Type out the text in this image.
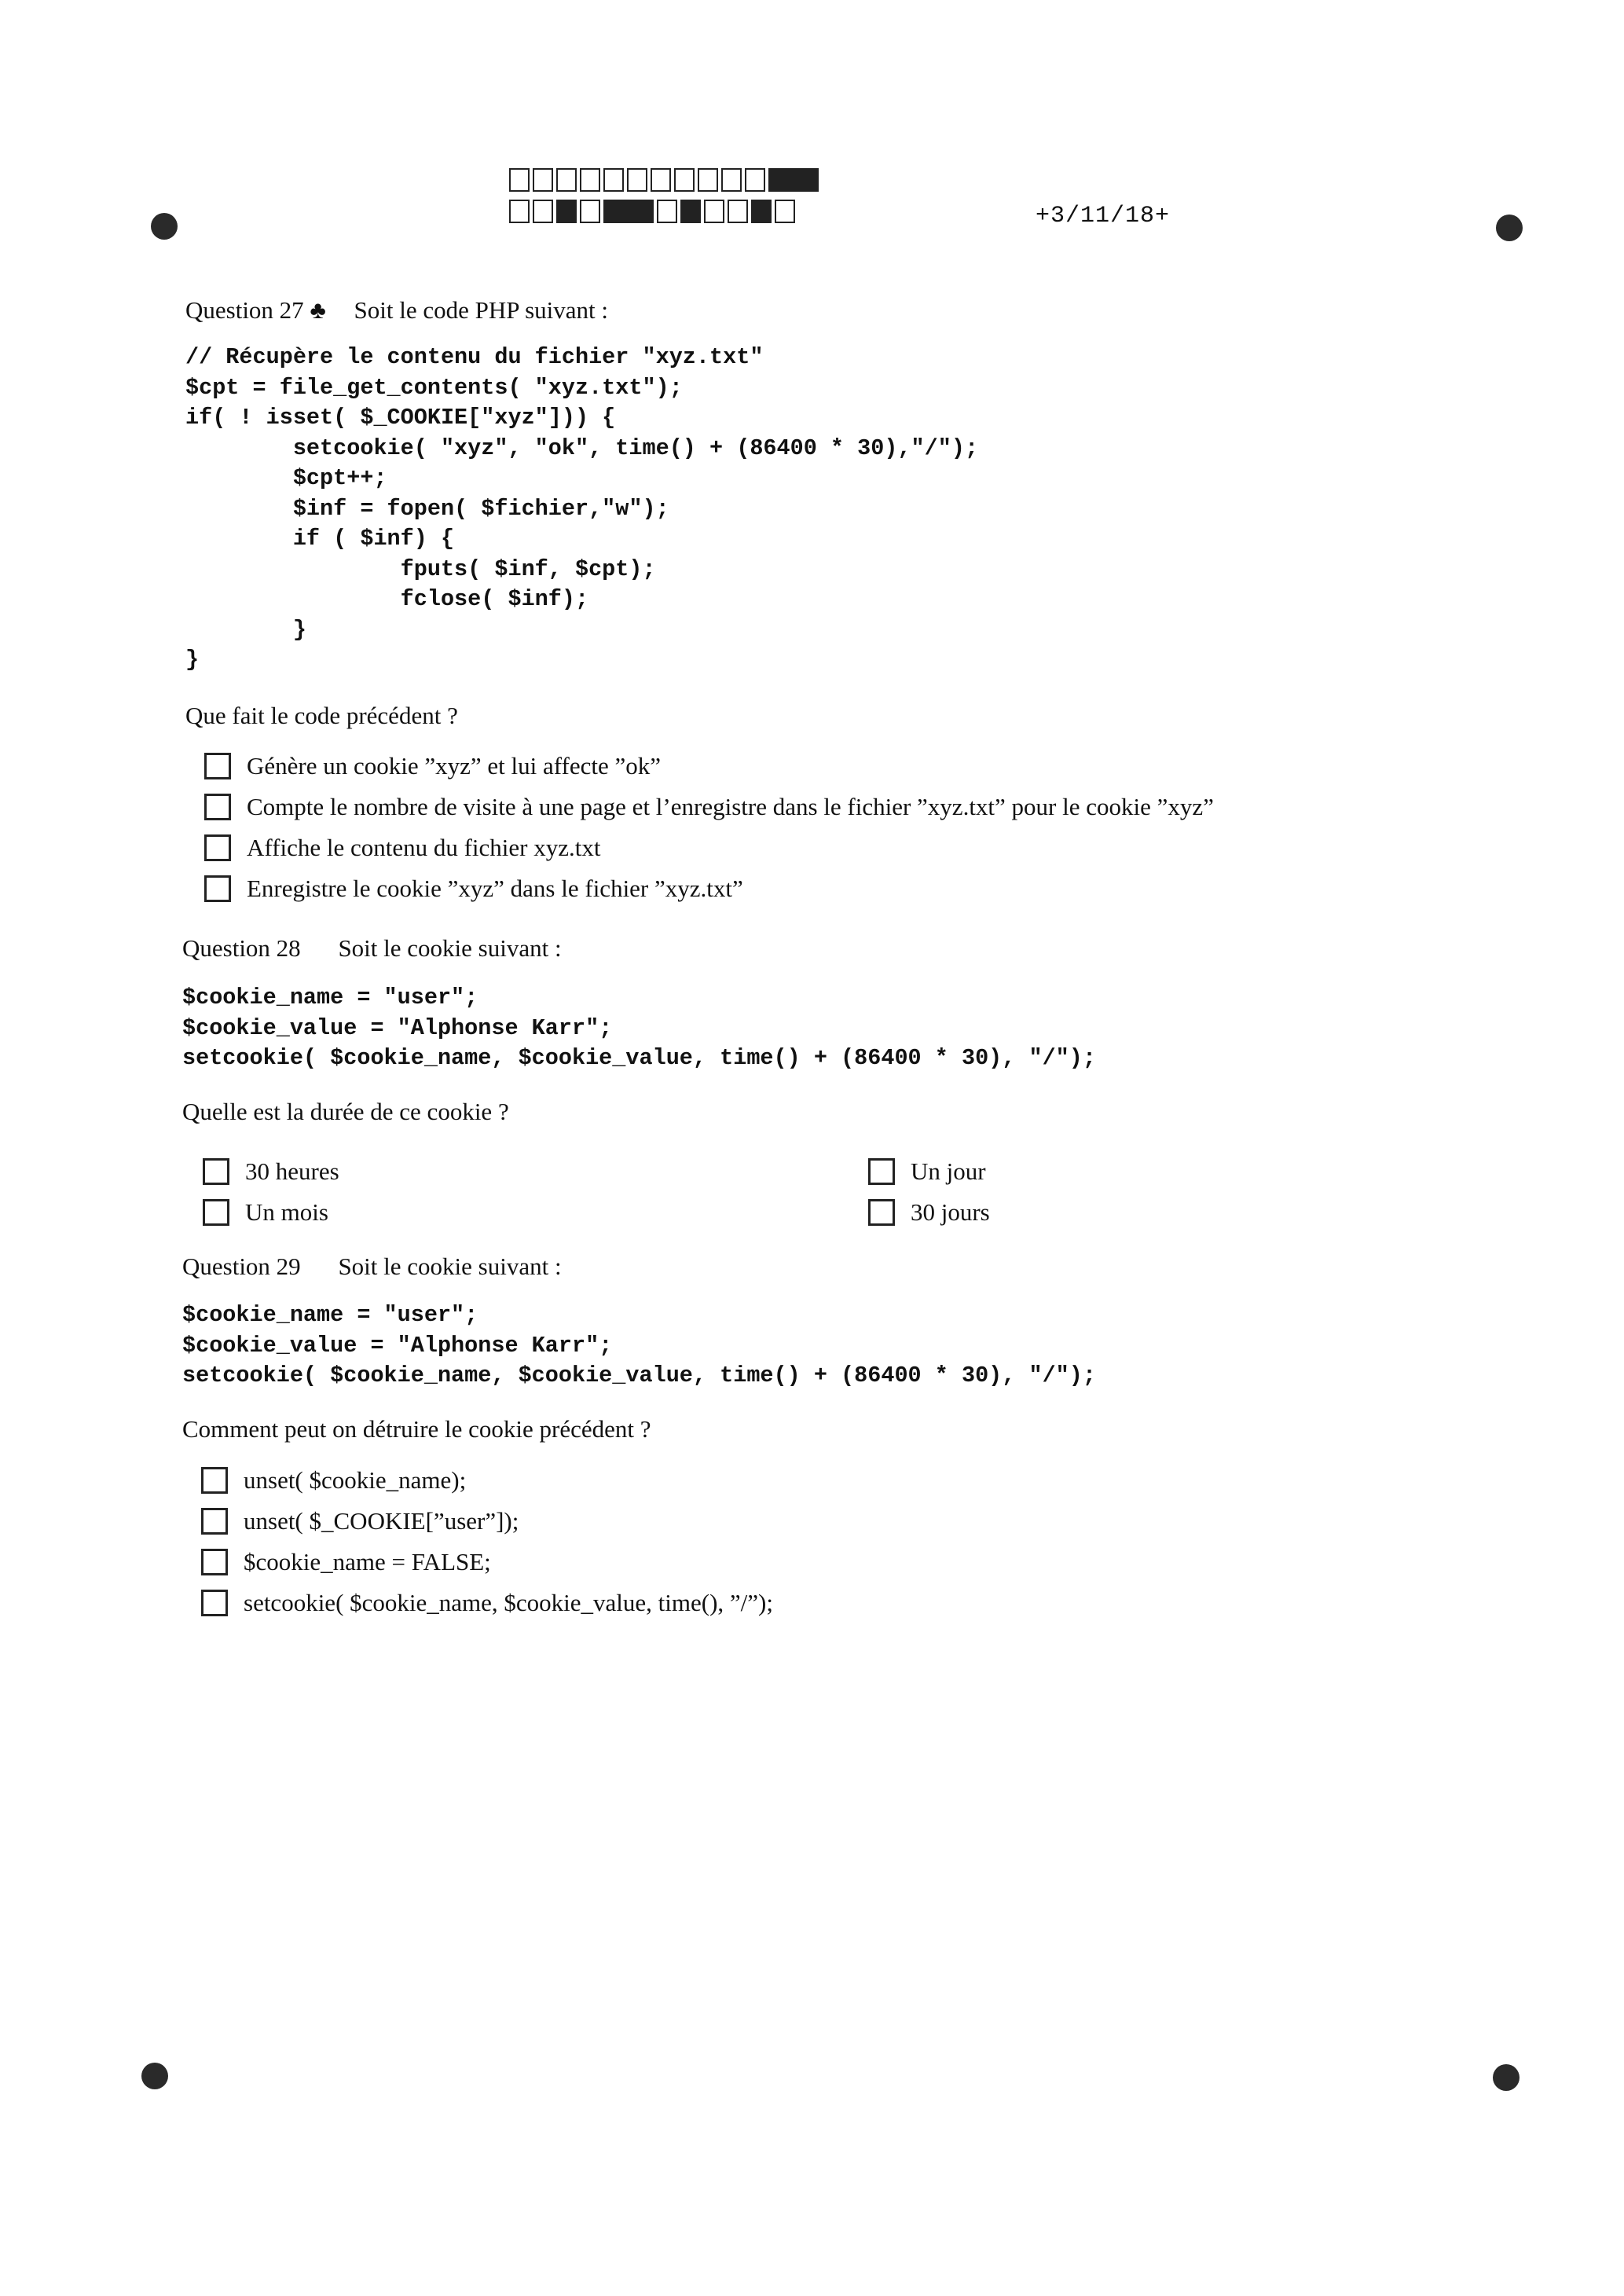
+3/11/18+
Question 27 ♣ Soit le code PHP suivant :
// Récupère le contenu du fichier "xyz.txt"
$cpt = file_get_contents( "xyz.txt");
if( ! isset( $_COOKIE["xyz"])) {
setcookie( "xyz", "ok", time() + (86400 * 30),"/");
$cpt++;
$inf = fopen( $fichier,"w");
if ( $inf) {
fputs( $inf, $cpt);
fclose( $inf);
}
}
Que fait le code précédent ?
Génère un cookie ”xyz” et lui affecte ”ok”
Compte le nombre de visite à une page et l’enregistre dans le fichier ”xyz.txt” pour le cookie ”xyz”
Affiche le contenu du fichier xyz.txt
Enregistre le cookie ”xyz” dans le fichier ”xyz.txt”
Question 28 Soit le cookie suivant :
$cookie_name = "user";
$cookie_value = "Alphonse Karr";
setcookie( $cookie_name, $cookie_value, time() + (86400 * 30), "/");
Quelle est la durée de ce cookie ?
30 heures	Un jour
Un mois	30 jours
Question 29 Soit le cookie suivant :
$cookie_name = "user";
$cookie_value = "Alphonse Karr";
setcookie( $cookie_name, $cookie_value, time() + (86400 * 30), "/");
Comment peut on détruire le cookie précédent ?
unset( $cookie_name);
unset( $_COOKIE[”user”]);
$cookie_name = FALSE;
setcookie( $cookie_name, $cookie_value, time(), ”/”);
